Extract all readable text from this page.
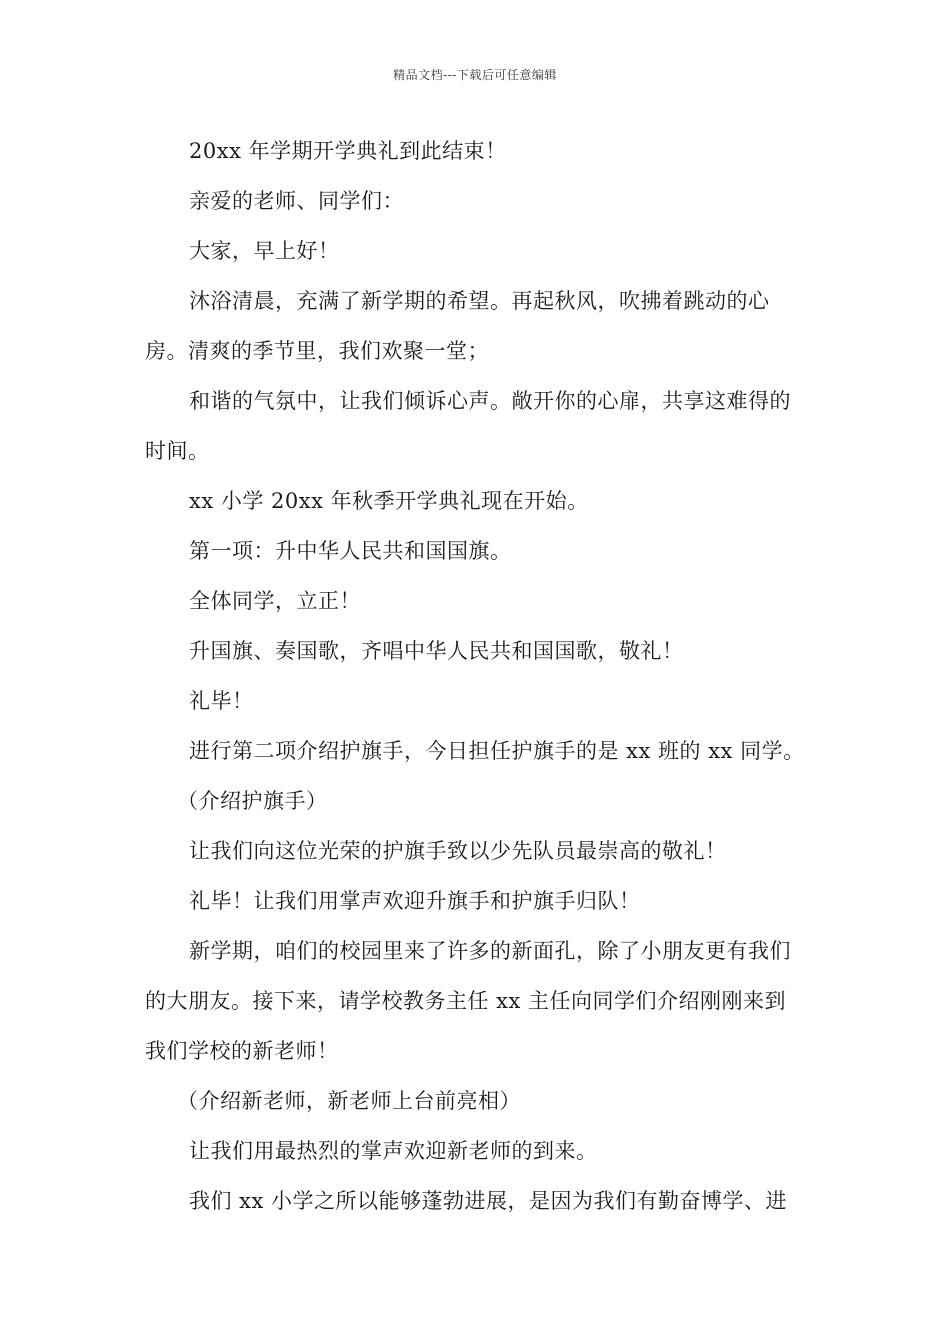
精品文档---下载后可任意编辑

20xx 年学期开学典礼到此结束！

亲爱的老师、同学们：

大家，早上好！

沐浴清晨，充满了新学期的希望。再起秋风，吹拂着跳动的心房。清爽的季节里，我们欢聚一堂；

和谐的气氛中，让我们倾诉心声。敞开你的心扉，共享这难得的时间。

xx 小学 20xx 年秋季开学典礼现在开始。

第一项：升中华人民共和国国旗。

全体同学，立正！

升国旗、奏国歌，齐唱中华人民共和国国歌，敬礼！

礼毕！

进行第二项介绍护旗手，今日担任护旗手的是 xx 班的 xx 同学。

（介绍护旗手）

让我们向这位光荣的护旗手致以少先队员最崇高的敬礼！

礼毕！让我们用掌声欢迎升旗手和护旗手归队！

新学期，咱们的校园里来了许多的新面孔，除了小朋友更有我们的大朋友。接下来，请学校教务主任 xx 主任向同学们介绍刚刚来到我们学校的新老师！

（介绍新老师，新老师上台前亮相）

让我们用最热烈的掌声欢迎新老师的到来。

我们 xx 小学之所以能够蓬勃进展，是因为我们有勤奋博学、进
